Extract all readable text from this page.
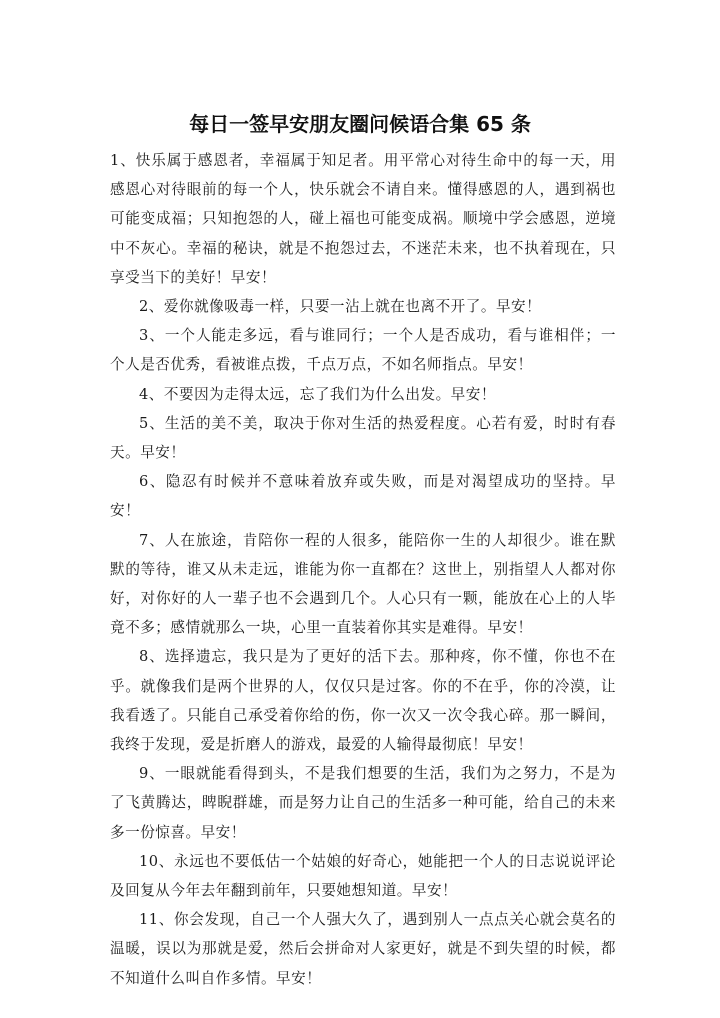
每日一签早安朋友圈问候语合集 65 条

1、快乐属于感恩者，幸福属于知足者。用平常心对待生命中的每一天，用感恩心对待眼前的每一个人，快乐就会不请自来。懂得感恩的人，遇到祸也可能变成福；只知抱怨的人，碰上福也可能变成祸。顺境中学会感恩，逆境中不灰心。幸福的秘诀，就是不抱怨过去，不迷茫未来，也不执着现在，只享受当下的美好！早安！

2、爱你就像吸毒一样，只要一沾上就在也离不开了。早安！

3、一个人能走多远，看与谁同行；一个人是否成功，看与谁相伴；一个人是否优秀，看被谁点拨，千点万点，不如名师指点。早安！

4、不要因为走得太远，忘了我们为什么出发。早安！

5、生活的美不美，取决于你对生活的热爱程度。心若有爱，时时有春天。早安！

6、隐忍有时候并不意味着放弃或失败，而是对渴望成功的坚持。早安！

7、人在旅途，肯陪你一程的人很多，能陪你一生的人却很少。谁在默默的等待，谁又从未走远，谁能为你一直都在？这世上，别指望人人都对你好，对你好的人一辈子也不会遇到几个。人心只有一颗，能放在心上的人毕竟不多；感情就那么一块，心里一直装着你其实是难得。早安！

8、选择遗忘，我只是为了更好的活下去。那种疼，你不懂，你也不在乎。就像我们是两个世界的人，仅仅只是过客。你的不在乎，你的冷漠，让我看透了。只能自己承受着你给的伤，你一次又一次令我心碎。那一瞬间，我终于发现，爱是折磨人的游戏，最爱的人输得最彻底！早安！

9、一眼就能看得到头，不是我们想要的生活，我们为之努力，不是为了飞黄腾达，睥睨群雄，而是努力让自己的生活多一种可能，给自己的未来多一份惊喜。早安！

10、永远也不要低估一个姑娘的好奇心，她能把一个人的日志说说评论及回复从今年去年翻到前年，只要她想知道。早安！

11、你会发现，自己一个人强大久了，遇到别人一点点关心就会莫名的温暖，误以为那就是爱，然后会拼命对人家更好，就是不到失望的时候，都不知道什么叫自作多情。早安！
